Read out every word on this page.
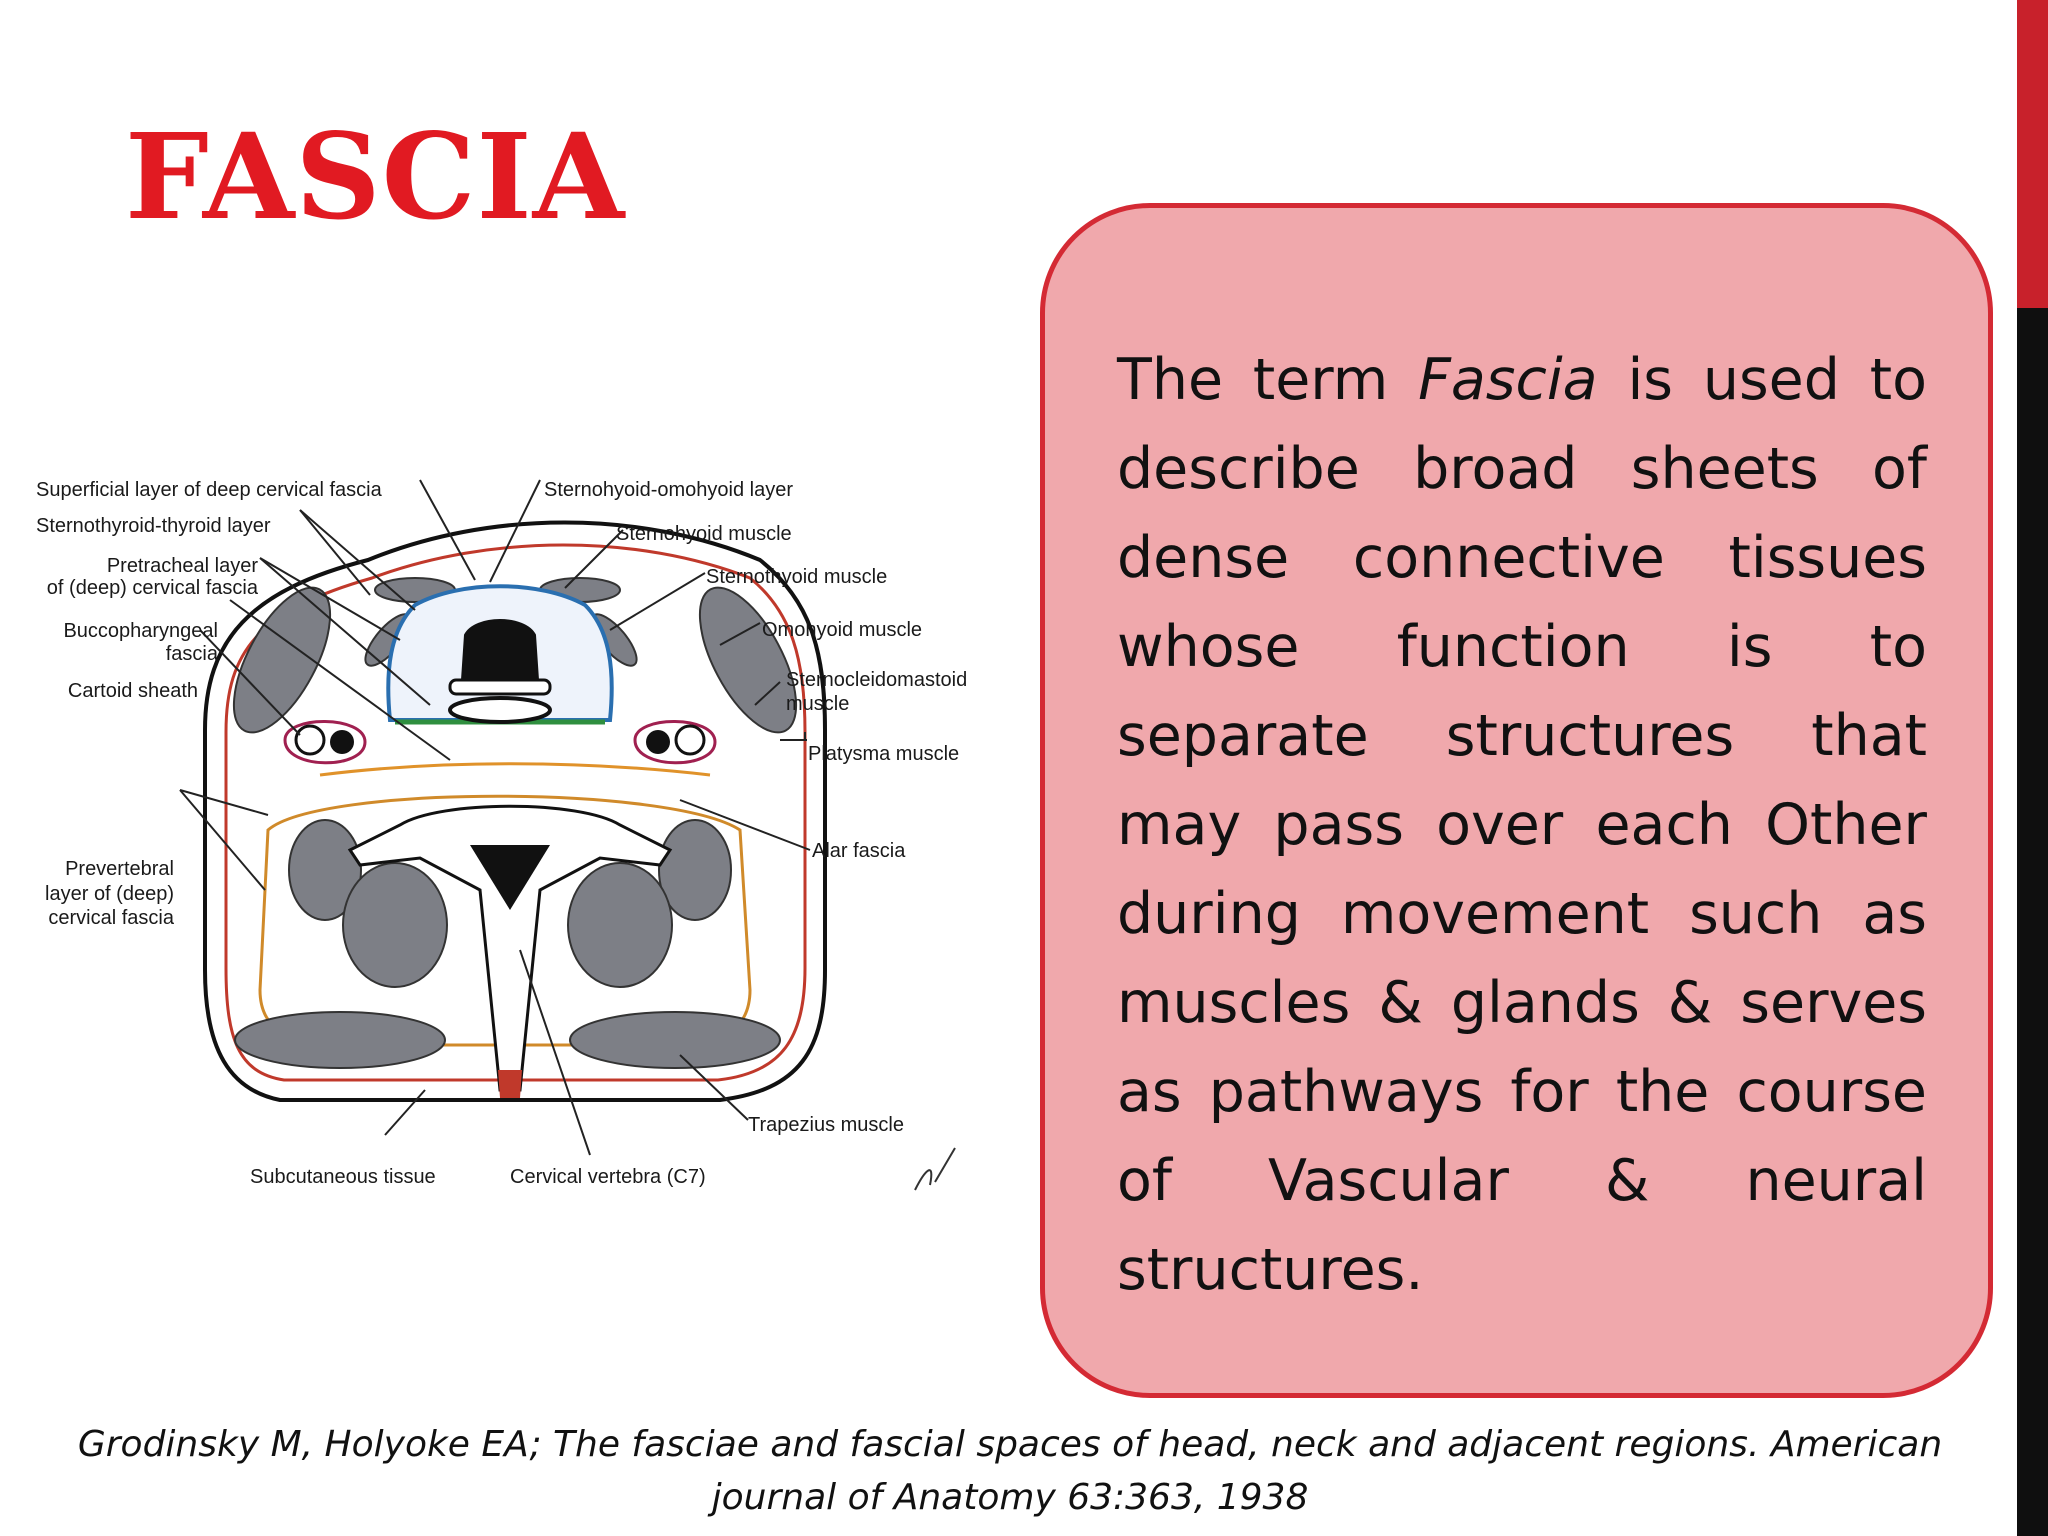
FASCIA
Superficial layer of deep cervical fascia
Sternothyroid-thyroid layer
Pretracheal layer
of (deep) cervical fascia
Buccopharyngeal
fascia
Cartoid sheath
Prevertebral
layer of (deep)
cervical fascia
Sternohyoid-omohyoid layer
Sternohyoid muscle
Sternothyoid muscle
Omohyoid muscle
Sternocleidomastoid
muscle
Platysma muscle
Alar fascia
Trapezius muscle
Subcutaneous tissue	Cervical vertebra (C7)

The term Fascia is used to describe broad sheets of dense connective tissues whose function is to separate structures that may pass over each Other during movement such as muscles & glands & serves as pathways for the course of Vascular & neural structures.

Grodinsky M, Holyoke EA; The fasciae and fascial spaces of head, neck and adjacent regions. American
journal of Anatomy 63:363, 1938
